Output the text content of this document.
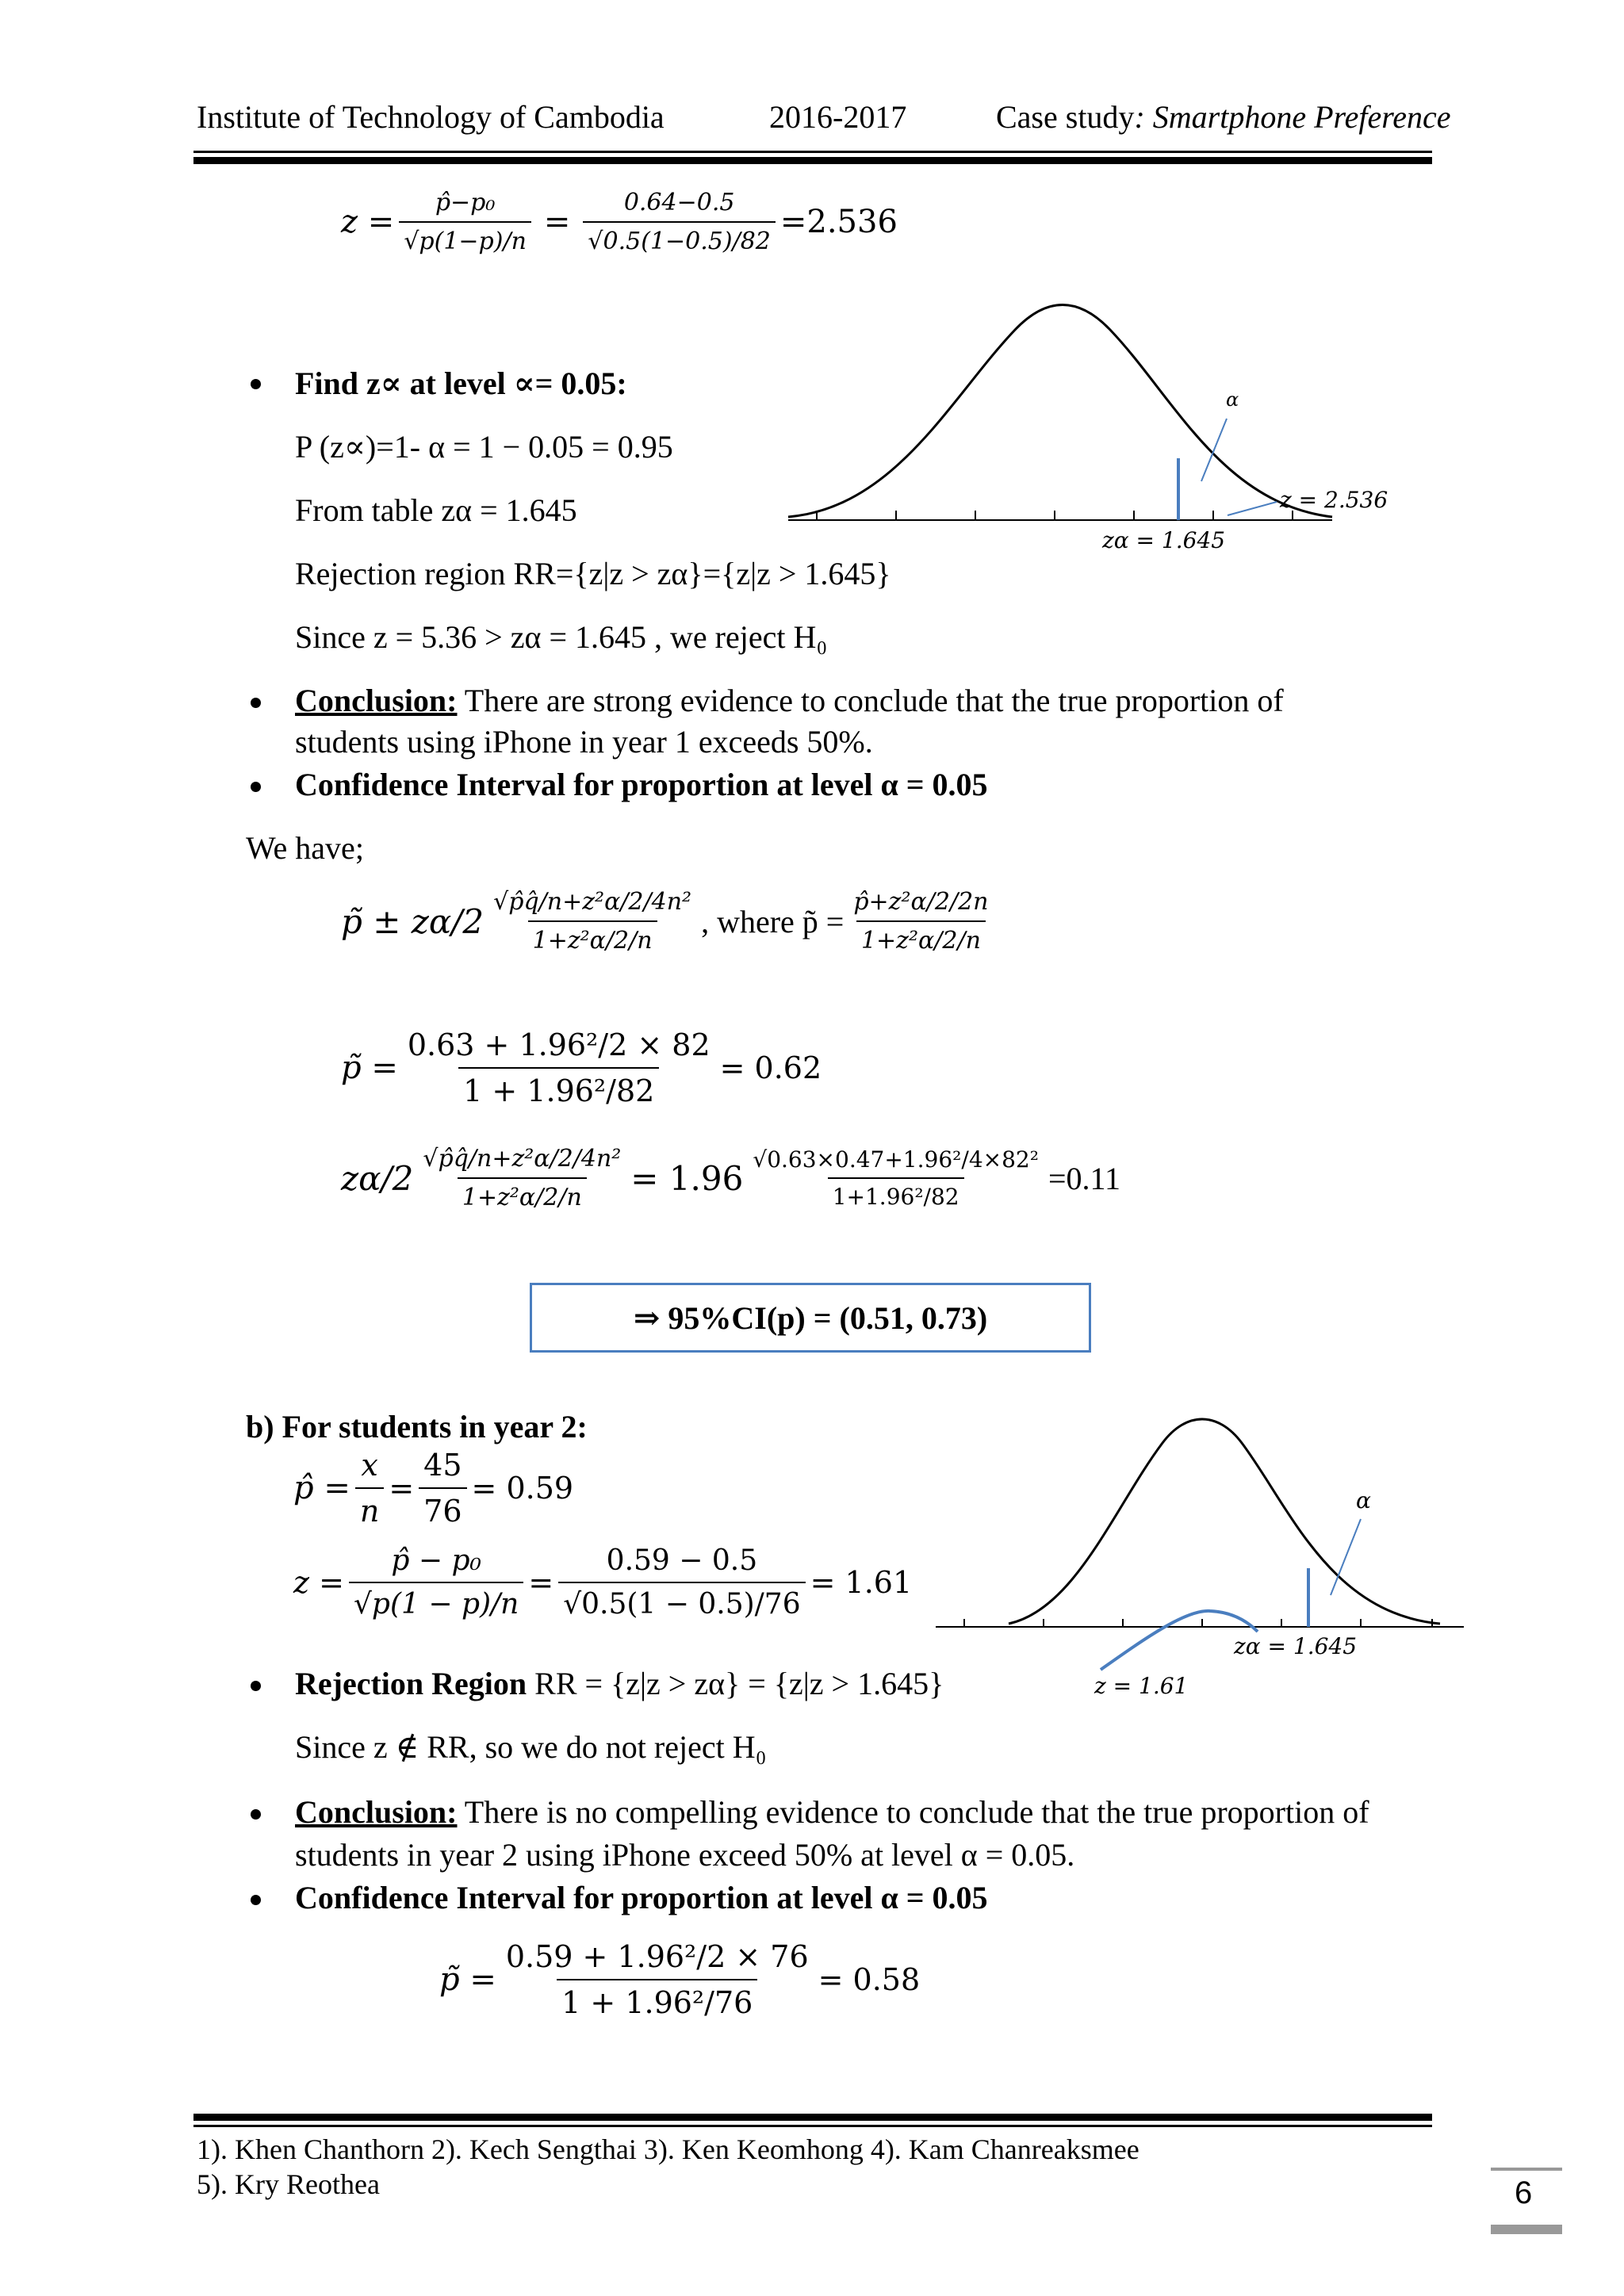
Institute of Technology of Cambodia	2016-2017	Case study: Smartphone Preference
$z = \frac{\text{p̂−p₀}}{√p(1-p)/n} = \frac{0.64-0.5}{√0.5(1-0.5)/82} =2.536$
α
z = 2.536
zα = 1.645
Find z∝ at level ∝= 0.05:
P (z∝)=1- α = 1 − 0.05 = 0.95
From table zα = 1.645
Rejection region RR={z|z > zα}={z|z > 1.645}
Since z = 5.36 > zα = 1.645 , we reject H₀
Conclusion: There are strong evidence to conclude that the true proportion of
students using iPhone in year 1 exceeds 50%.
Confidence Interval for proportion at level α = 0.05
We have;
p̃ ± $z\alpha/2 \frac{\text{√p̂q̂/n+z²α/2/4n²}}{\text{1+z²α/2/n}}$ , where p̃ = $\frac{\text{p̂+z²α/2/2n}}{\text{1+z²α/2/n}}$
p̃ = $\frac{\text{0.63 + 1.96²/2 × 82}}{\text{1 + 1.96²/82}} = 0.62$
$z\alpha/2 \frac{\text{√p̂q̂/n+z²α/2/4n²}}{\text{1+z²α/2/n}} = 1.96 \frac{\text{√0.63×0.47+1.96²/4×82²}}{\text{1+1.96²/82}} =0.11$
⇒ 95%CI(p) = (0.51, 0.73)
b) For students in year 2:
p̂ = $\frac{x}{n} = \frac{45}{76} = 0.59$
$z = \frac{\text{p̂ − p₀}}{√p(1 - p)/n} = \frac{0.59 - 0.5}{√0.5(1 - 0.5)/76} = 1.61$
α
zα = 1.645
z = 1.61
Rejection Region RR = {z|z > zα} = {z|z > 1.645}
Since z ∉ RR, so we do not reject H₀
Conclusion: There is no compelling evidence to conclude that the true proportion of
students in year 2 using iPhone exceed 50% at level α = 0.05.
Confidence Interval for proportion at level α = 0.05
p̃ = $\frac{\text{0.59 + 1.96²/2 × 76}}{\text{1 + 1.96²/76}} = 0.58$
1). Khen Chanthorn 2). Kech Sengthai 3). Ken Keomhong 4). Kam Chanreaksmee
5). Kry Reothea	6
